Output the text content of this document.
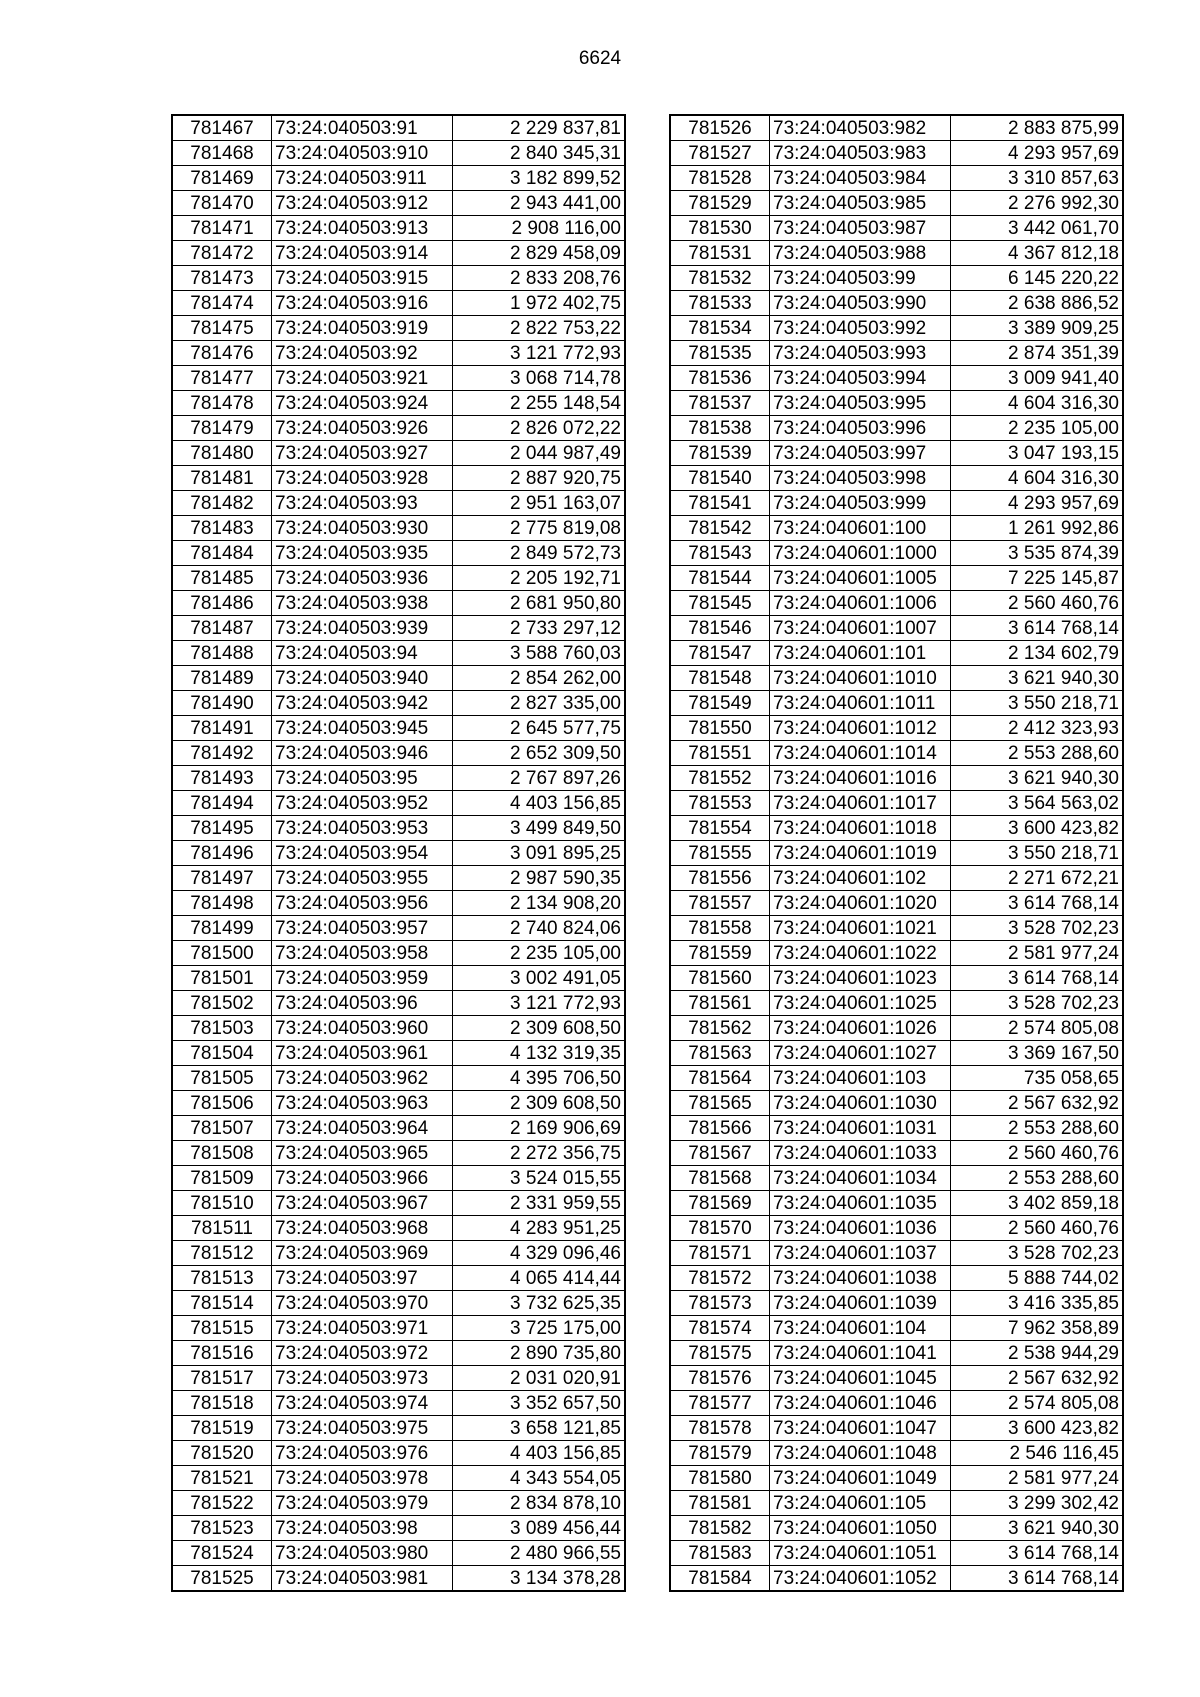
6624
781467	73:24:040503:91	2 229 837,81
781468	73:24:040503:910	2 840 345,31
781469	73:24:040503:911	3 182 899,52
781470	73:24:040503:912	2 943 441,00
781471	73:24:040503:913	2 908 116,00
781472	73:24:040503:914	2 829 458,09
781473	73:24:040503:915	2 833 208,76
781474	73:24:040503:916	1 972 402,75
781475	73:24:040503:919	2 822 753,22
781476	73:24:040503:92	3 121 772,93
781477	73:24:040503:921	3 068 714,78
781478	73:24:040503:924	2 255 148,54
781479	73:24:040503:926	2 826 072,22
781480	73:24:040503:927	2 044 987,49
781481	73:24:040503:928	2 887 920,75
781482	73:24:040503:93	2 951 163,07
781483	73:24:040503:930	2 775 819,08
781484	73:24:040503:935	2 849 572,73
781485	73:24:040503:936	2 205 192,71
781486	73:24:040503:938	2 681 950,80
781487	73:24:040503:939	2 733 297,12
781488	73:24:040503:94	3 588 760,03
781489	73:24:040503:940	2 854 262,00
781490	73:24:040503:942	2 827 335,00
781491	73:24:040503:945	2 645 577,75
781492	73:24:040503:946	2 652 309,50
781493	73:24:040503:95	2 767 897,26
781494	73:24:040503:952	4 403 156,85
781495	73:24:040503:953	3 499 849,50
781496	73:24:040503:954	3 091 895,25
781497	73:24:040503:955	2 987 590,35
781498	73:24:040503:956	2 134 908,20
781499	73:24:040503:957	2 740 824,06
781500	73:24:040503:958	2 235 105,00
781501	73:24:040503:959	3 002 491,05
781502	73:24:040503:96	3 121 772,93
781503	73:24:040503:960	2 309 608,50
781504	73:24:040503:961	4 132 319,35
781505	73:24:040503:962	4 395 706,50
781506	73:24:040503:963	2 309 608,50
781507	73:24:040503:964	2 169 906,69
781508	73:24:040503:965	2 272 356,75
781509	73:24:040503:966	3 524 015,55
781510	73:24:040503:967	2 331 959,55
781511	73:24:040503:968	4 283 951,25
781512	73:24:040503:969	4 329 096,46
781513	73:24:040503:97	4 065 414,44
781514	73:24:040503:970	3 732 625,35
781515	73:24:040503:971	3 725 175,00
781516	73:24:040503:972	2 890 735,80
781517	73:24:040503:973	2 031 020,91
781518	73:24:040503:974	3 352 657,50
781519	73:24:040503:975	3 658 121,85
781520	73:24:040503:976	4 403 156,85
781521	73:24:040503:978	4 343 554,05
781522	73:24:040503:979	2 834 878,10
781523	73:24:040503:98	3 089 456,44
781524	73:24:040503:980	2 480 966,55
781525	73:24:040503:981	3 134 378,28
781526	73:24:040503:982	2 883 875,99
781527	73:24:040503:983	4 293 957,69
781528	73:24:040503:984	3 310 857,63
781529	73:24:040503:985	2 276 992,30
781530	73:24:040503:987	3 442 061,70
781531	73:24:040503:988	4 367 812,18
781532	73:24:040503:99	6 145 220,22
781533	73:24:040503:990	2 638 886,52
781534	73:24:040503:992	3 389 909,25
781535	73:24:040503:993	2 874 351,39
781536	73:24:040503:994	3 009 941,40
781537	73:24:040503:995	4 604 316,30
781538	73:24:040503:996	2 235 105,00
781539	73:24:040503:997	3 047 193,15
781540	73:24:040503:998	4 604 316,30
781541	73:24:040503:999	4 293 957,69
781542	73:24:040601:100	1 261 992,86
781543	73:24:040601:1000	3 535 874,39
781544	73:24:040601:1005	7 225 145,87
781545	73:24:040601:1006	2 560 460,76
781546	73:24:040601:1007	3 614 768,14
781547	73:24:040601:101	2 134 602,79
781548	73:24:040601:1010	3 621 940,30
781549	73:24:040601:1011	3 550 218,71
781550	73:24:040601:1012	2 412 323,93
781551	73:24:040601:1014	2 553 288,60
781552	73:24:040601:1016	3 621 940,30
781553	73:24:040601:1017	3 564 563,02
781554	73:24:040601:1018	3 600 423,82
781555	73:24:040601:1019	3 550 218,71
781556	73:24:040601:102	2 271 672,21
781557	73:24:040601:1020	3 614 768,14
781558	73:24:040601:1021	3 528 702,23
781559	73:24:040601:1022	2 581 977,24
781560	73:24:040601:1023	3 614 768,14
781561	73:24:040601:1025	3 528 702,23
781562	73:24:040601:1026	2 574 805,08
781563	73:24:040601:1027	3 369 167,50
781564	73:24:040601:103	735 058,65
781565	73:24:040601:1030	2 567 632,92
781566	73:24:040601:1031	2 553 288,60
781567	73:24:040601:1033	2 560 460,76
781568	73:24:040601:1034	2 553 288,60
781569	73:24:040601:1035	3 402 859,18
781570	73:24:040601:1036	2 560 460,76
781571	73:24:040601:1037	3 528 702,23
781572	73:24:040601:1038	5 888 744,02
781573	73:24:040601:1039	3 416 335,85
781574	73:24:040601:104	7 962 358,89
781575	73:24:040601:1041	2 538 944,29
781576	73:24:040601:1045	2 567 632,92
781577	73:24:040601:1046	2 574 805,08
781578	73:24:040601:1047	3 600 423,82
781579	73:24:040601:1048	2 546 116,45
781580	73:24:040601:1049	2 581 977,24
781581	73:24:040601:105	3 299 302,42
781582	73:24:040601:1050	3 621 940,30
781583	73:24:040601:1051	3 614 768,14
781584	73:24:040601:1052	3 614 768,14
